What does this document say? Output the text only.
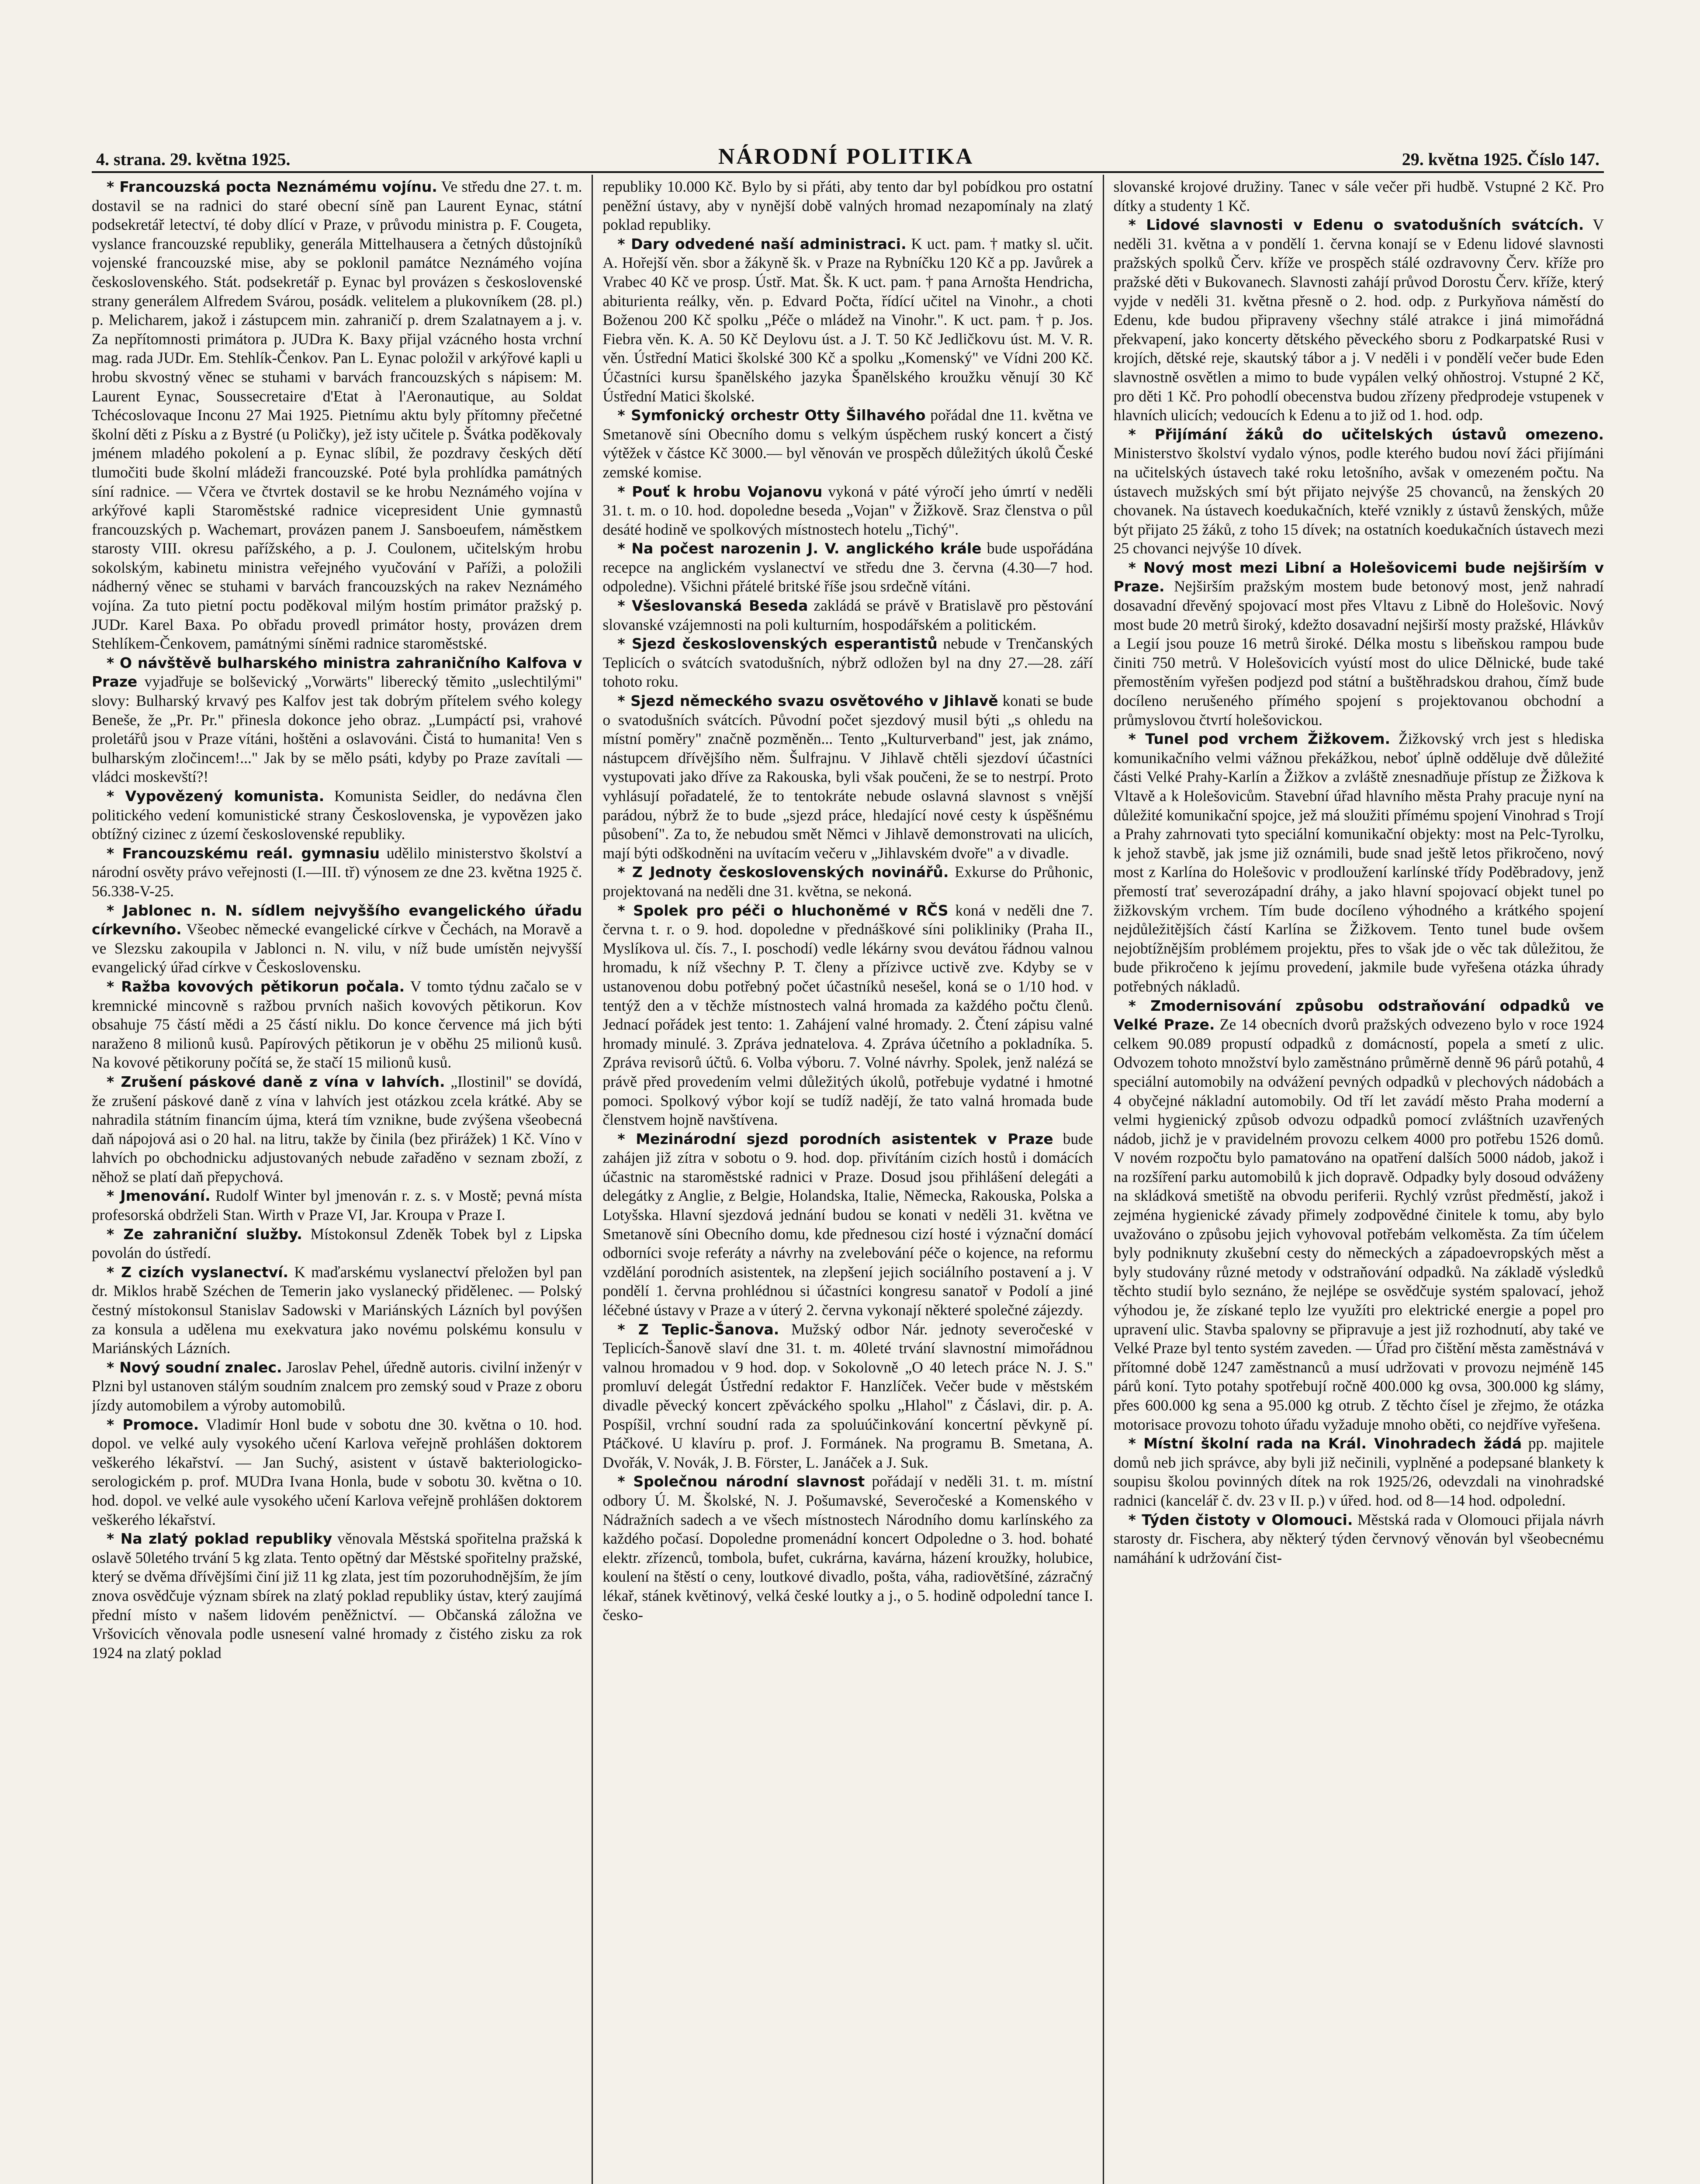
4. strana. 29. května 1925.	NÁRODNÍ POLITIKA	29. května 1925. Číslo 147.

* Francouzská pocta Neznámému vojínu. Ve středu dne 27. t. m. dostavil se na radnici do staré obecní síně pan Laurent Eynac, státní podsekretář letectví, té doby dlící v Praze, v průvodu ministra p. F. Cougeta, vyslance francouzské republiky, generála Mittelhausera a četných důstojníků vojenské francouzské mise, aby se poklonil památce Neznámého vojína československého. Stát. podsekretář p. Eynac byl provázen s československé strany generálem Alfredem Svárou, posádk. velitelem a plukovníkem (28. pl.) p. Melicharem, jakož i zástupcem min. zahraničí p. drem Szalatnayem a j. v. Za nepřítomnosti primátora p. JUDra K. Baxy přijal vzácného hosta vrchní mag. rada JUDr. Em. Stehlík-Čenkov. Pan L. Eynac položil v arkýřové kapli u hrobu skvostný věnec se stuhami v barvách francouzských s nápisem: M. Laurent Eynac, Soussecretaire d'Etat à l'Aeronautique, au Soldat Tchécoslovaque Inconu 27 Mai 1925. Pietnímu aktu byly přítomny přečetné školní děti z Písku a z Bystré (u Poličky), jež isty učitele p. Švátka poděkovaly jménem mladého pokolení a p. Eynac slíbil, že pozdravy českých dětí tlumočiti bude školní mládeži francouzské. Poté byla prohlídka památných síní radnice. — Včera ve čtvrtek dostavil se ke hrobu Neznámého vojína v arkýřové kapli Staroměstské radnice vicepresident Unie gymnastů francouzských p. Wachemart, provázen panem J. Sansboeufem, náměstkem starosty VIII. okresu pařížského, a p. J. Coulonem, učitelským hrobu sokolským, kabinetu ministra veřejného vyučování v Paříži, a položili nádherný věnec se stuhami v barvách francouzských na rakev Neznámého vojína. Za tuto pietní poctu poděkoval milým hostím primátor pražský p. JUDr. Karel Baxa. Po obřadu provedl primátor hosty, provázen drem Stehlíkem-Čenkovem, památnými síněmi radnice staroměstské.

* O návštěvě bulharského ministra zahraničního Kalfova v Praze vyjadřuje se bolševický „Vorwärts" liberecký těmito „uslechtilými" slovy: Bulharský krvavý pes Kalfov jest tak dobrým přítelem svého kolegy Beneše, že „Pr. Pr." přinesla dokonce jeho obraz. „Lumpáctí psi, vrahové proletářů jsou v Praze vítáni, hoštěni a oslavováni. Čistá to humanita! Ven s bulharským zločincem!..." Jak by se mělo psáti, kdyby po Praze zavítali — vládci moskevští?!

* Vypovězený komunista. Komunista Seidler, do nedávna člen politického vedení komunistické strany Československa, je vypovězen jako obtížný cizinec z území československé republiky.

* Francouzskému reál. gymnasiu udělilo ministerstvo školství a národní osvěty právo veřejnosti (I.—III. tř) výnosem ze dne 23. května 1925 č. 56.338-V-25.

* Jablonec n. N. sídlem nejvyššího evangelického úřadu církevního. Všeobec německé evangelické církve v Čechách, na Moravě a ve Slezsku zakoupila v Jablonci n. N. vilu, v níž bude umístěn nejvyšší evangelický úřad církve v Československu.

* Ražba kovových pětikorun počala. V tomto týdnu začalo se v kremnické mincovně s ražbou prvních našich kovových pětikorun. Kov obsahuje 75 částí mědi a 25 částí niklu. Do konce července má jich býti naraženo 8 milionů kusů. Papírových pětikorun je v oběhu 25 milionů kusů. Na kovové pětikoruny počítá se, že stačí 15 milionů kusů.

* Zrušení páskové daně z vína v lahvích. „Ilostinil" se dovídá, že zrušení páskové daně z vína v lahvích jest otázkou zcela krátké. Aby se nahradila státním financím újma, která tím vznikne, bude zvýšena všeobecná daň nápojová asi o 20 hal. na litru, takže by činila (bez přirážek) 1 Kč. Víno v lahvích po obchodnicku adjustovaných nebude zařaděno v seznam zboží, z něhož se platí daň přepychová.

* Jmenování. Rudolf Winter byl jmenován r. z. s. v Mostě; pevná místa profesorská obdrželi Stan. Wirth v Praze VI, Jar. Kroupa v Praze I.

* Ze zahraniční služby. Místokonsul Zdeněk Tobek byl z Lipska povolán do ústředí.

* Z cizích vyslanectví. K maďarskému vyslanectví přeložen byl pan dr. Miklos hrabě Széchen de Temerin jako vyslanecký přidělenec. — Polský čestný místokonsul Stanislav Sadowski v Mariánských Lázních byl povýšen za konsula a udělena mu exekvatura jako novému polskému konsulu v Mariánských Lázních.

* Nový soudní znalec. Jaroslav Pehel, úředně autoris. civilní inženýr v Plzni byl ustanoven stálým soudním znalcem pro zemský soud v Praze z oboru jízdy automobilem a výroby automobilů.

* Promoce. Vladimír Honl bude v sobotu dne 30. května o 10. hod. dopol. ve velké auly vysokého učení Karlova veřejně prohlášen doktorem veškerého lékařství. — Jan Suchý, asistent v ústavě bakteriologicko-serologickém p. prof. MUDra Ivana Honla, bude v sobotu 30. května o 10. hod. dopol. ve velké aule vysokého učení Karlova veřejně prohlášen doktorem veškerého lékařství.

* Na zlatý poklad republiky věnovala Městská spořitelna pražská k oslavě 50letého trvání 5 kg zlata. Tento opětný dar Městské spořitelny pražské, který se dvěma dřívějšími činí již 11 kg zlata, jest tím pozoruhodnějším, že jím znova osvědčuje význam sbírek na zlatý poklad republiky ústav, který zaujímá přední místo v našem lidovém peněžnictví. — Občanská záložna ve Vršovicích věnovala podle usnesení valné hromady z čistého zisku za rok 1924 na zlatý poklad

republiky 10.000 Kč. Bylo by si přáti, aby tento dar byl pobídkou pro ostatní peněžní ústavy, aby v nynější době valných hromad nezapomínaly na zlatý poklad republiky.

* Dary odvedené naší administraci. K uct. pam. † matky sl. učit. A. Hořejší věn. sbor a žákyně šk. v Praze na Rybníčku 120 Kč a pp. Javůrek a Vrabec 40 Kč ve prosp. Ústř. Mat. Šk. K uct. pam. † pana Arnošta Hendricha, abiturienta reálky, věn. p. Edvard Počta, řídící učitel na Vinohr., a choti Boženou 200 Kč spolku „Péče o mládež na Vinohr.". K uct. pam. † p. Jos. Fiebra věn. K. A. 50 Kč Deylovu úst. a J. T. 50 Kč Jedličkovu úst. M. V. R. věn. Ústřední Matici školské 300 Kč a spolku „Komenský" ve Vídni 200 Kč. Účastníci kursu španělského jazyka Španělského kroužku věnují 30 Kč Ústřední Matici školské.

* Symfonický orchestr Otty Šilhavého pořádal dne 11. května ve Smetanově síni Obecního domu s velkým úspěchem ruský koncert a čistý výtěžek v částce Kč 3000.— byl věnován ve prospěch důležitých úkolů České zemské komise.

* Pouť k hrobu Vojanovu vykoná v páté výročí jeho úmrtí v neděli 31. t. m. o 10. hod. dopoledne beseda „Vojan" v Žižkově. Sraz členstva o půl desáté hodině ve spolkových místnostech hotelu „Tichý".

* Na počest narozenin J. V. anglického krále bude uspořádána recepce na anglickém vyslanectví ve středu dne 3. června (4.30—7 hod. odpoledne). Všichni přátelé britské říše jsou srdečně vítáni.

* Všeslovanská Beseda zakládá se právě v Bratislavě pro pěstování slovanské vzájemnosti na poli kulturním, hospodářském a politickém.

* Sjezd československých esperantistů nebude v Trenčanských Teplicích o svátcích svatodušních, nýbrž odložen byl na dny 27.—28. září tohoto roku.

* Sjezd německého svazu osvětového v Jihlavě konati se bude o svatodušních svátcích. Původní počet sjezdový musil býti „s ohledu na místní poměry" značně pozměněn... Tento „Kulturverband" jest, jak známo, nástupcem dřívějšího něm. Šulfrajnu. V Jihlavě chtěli sjezdoví účastníci vystupovati jako dříve za Rakouska, byli však poučeni, že se to nestrpí. Proto vyhlásují pořadatelé, že to tentokráte nebude oslavná slavnost s vnější parádou, nýbrž že to bude „sjezd práce, hledající nové cesty k úspěšnému působení". Za to, že nebudou smět Němci v Jihlavě demonstrovati na ulicích, mají býti odškodněni na uvítacím večeru v „Jihlavském dvoře" a v divadle.

* Z Jednoty československých novinářů. Exkurse do Průhonic, projektovaná na neděli dne 31. května, se nekoná.

* Spolek pro péči o hluchoněmé v RČS koná v neděli dne 7. června t. r. o 9. hod. dopoledne v přednáškové síni polikliniky (Praha II., Myslíkova ul. čís. 7., I. poschodí) vedle lékárny svou devátou řádnou valnou hromadu, k níž všechny P. T. členy a přízivce uctivě zve. Kdyby se v ustanovenou dobu potřebný počet účastníků nesešel, koná se o 1/10 hod. v tentýž den a v těchže místnostech valná hromada za každého počtu členů. Jednací pořádek jest tento: 1. Zahájení valné hromady. 2. Čtení zápisu valné hromady minulé. 3. Zpráva jednatelova. 4. Zpráva účetního a pokladníka. 5. Zpráva revisorů účtů. 6. Volba výboru. 7. Volné návrhy. Spolek, jenž nalézá se právě před provedením velmi důležitých úkolů, potřebuje vydatné i hmotné pomoci. Spolkový výbor kojí se tudíž nadějí, že tato valná hromada bude členstvem hojně navštívena.

* Mezinárodní sjezd porodních asistentek v Praze bude zahájen již zítra v sobotu o 9. hod. dop. přivítáním cizích hostů i domácích účastnic na staroměstské radnici v Praze. Dosud jsou přihlášení delegáti a delegátky z Anglie, z Belgie, Holandska, Italie, Německa, Rakouska, Polska a Lotyšska. Hlavní sjezdová jednání budou se konati v neděli 31. května ve Smetanově síni Obecního domu, kde přednesou cizí hosté i význační domácí odborníci svoje referáty a návrhy na zvelebování péče o kojence, na reformu vzdělání porodních asistentek, na zlepšení jejich sociálního postavení a j. V pondělí 1. června prohlédnou si účastníci kongresu sanatoř v Podolí a jiné léčebné ústavy v Praze a v úterý 2. června vykonají některé společné zájezdy.

* Z Teplic-Šanova. Mužský odbor Nár. jednoty severočeské v Teplicích-Šanově slaví dne 31. t. m. 40leté trvání slavnostní mimořádnou valnou hromadou v 9 hod. dop. v Sokolovně „O 40 letech práce N. J. S." promluví delegát Ústřední redaktor F. Hanzlíček. Večer bude v městském divadle pěvecký koncert zpěváckého spolku „Hlahol" z Čáslavi, dir. p. A. Pospíšil, vrchní soudní rada za spoluúčinkování koncertní pěvkyně pí. Ptáčkové. U klavíru p. prof. J. Formánek. Na programu B. Smetana, A. Dvořák, V. Novák, J. B. Förster, L. Janáček a J. Suk.

* Společnou národní slavnost pořádají v neděli 31. t. m. místní odbory Ú. M. Školské, N. J. Pošumavské, Severočeské a Komenského v Nádražních sadech a ve všech místnostech Národního domu karlínského za každého počasí. Dopoledne promenádní koncert Odpoledne o 3. hod. bohaté elektr. zřízenců, tombola, bufet, cukrárna, kavárna, házení kroužky, holubice, koulení na štěstí o ceny, loutkové divadlo, pošta, váha, radiovětšíné, zázračný lékař, stánek květinový, velká české loutky a j., o 5. hodině odpolední tance I. česko-

slovanské krojové družiny. Tanec v sále večer při hudbě. Vstupné 2 Kč. Pro dítky a studenty 1 Kč.

* Lidové slavnosti v Edenu o svatodušních svátcích. V neděli 31. května a v pondělí 1. června konají se v Edenu lidové slavnosti pražských spolků Červ. kříže ve prospěch stálé ozdravovny Červ. kříže pro pražské děti v Bukovanech. Slavnosti zahájí průvod Dorostu Červ. kříže, který vyjde v neděli 31. května přesně o 2. hod. odp. z Purkyňova náměstí do Edenu, kde budou připraveny všechny stálé atrakce i jiná mimořádná překvapení, jako koncerty dětského pěveckého sboru z Podkarpatské Rusi v krojích, dětské reje, skautský tábor a j. V neděli i v pondělí večer bude Eden slavnostně osvětlen a mimo to bude vypálen velký ohňostroj. Vstupné 2 Kč, pro děti 1 Kč. Pro pohodlí obecenstva budou zřízeny předprodeje vstupenek v hlavních ulicích; vedoucích k Edenu a to již od 1. hod. odp.

* Přijímání žáků do učitelských ústavů omezeno. Ministerstvo školství vydalo výnos, podle kterého budou noví žáci přijímáni na učitelských ústavech také roku letošního, avšak v omezeném počtu. Na ústavech mužských smí být přijato nejvýše 25 chovanců, na ženských 20 chovanek. Na ústavech koedukačních, kteřé vznikly z ústavů ženských, může být přijato 25 žáků, z toho 15 dívek; na ostatních koedukačních ústavech mezi 25 chovanci nejvýše 10 dívek.

* Nový most mezi Libní a Holešovicemi bude nejširším v Praze. Nejširším pražským mostem bude betonový most, jenž nahradí dosavadní dřevěný spojovací most přes Vltavu z Libně do Holešovic. Nový most bude 20 metrů široký, kdežto dosavadní nejširší mosty pražské, Hlávkův a Legií jsou pouze 16 metrů široké. Délka mostu s libeňskou rampou bude činiti 750 metrů. V Holešovicích vyústí most do ulice Dělnické, bude také přemostěním vyřešen podjezd pod státní a buštěhradskou drahou, čímž bude docíleno nerušeného přímého spojení s projektovanou obchodní a průmyslovou čtvrtí holešovickou.

* Tunel pod vrchem Žižkovem. Žižkovský vrch jest s hlediska komunikačního velmi vážnou překážkou, neboť úplně odděluje dvě důležité části Velké Prahy-Karlín a Žižkov a zvláště znesnadňuje přístup ze Žižkova k Vltavě a k Holešovicům. Stavební úřad hlavního města Prahy pracuje nyní na důležité komunikační spojce, jež má sloužiti přímému spojení Vinohrad s Trojí a Prahy zahrnovati tyto speciální komunikační objekty: most na Pelc-Tyrolku, k jehož stavbě, jak jsme již oznámili, bude snad ještě letos přikročeno, nový most z Karlína do Holešovic v prodloužení karlínské třídy Poděbradovy, jenž přemostí trať severozápadní dráhy, a jako hlavní spojovací objekt tunel po žižkovským vrchem. Tím bude docíleno výhodného a krátkého spojení nejdůležitějších částí Karlína se Žižkovem. Tento tunel bude ovšem nejobtížnějším problémem projektu, přes to však jde o věc tak důležitou, že bude přikročeno k jejímu provedení, jakmile bude vyřešena otázka úhrady potřebných nákladů.

* Zmodernisování způsobu odstraňování odpadků ve Velké Praze. Ze 14 obecních dvorů pražských odvezeno bylo v roce 1924 celkem 90.089 propustí odpadků z domácností, popela a smetí z ulic. Odvozem tohoto množství bylo zaměstnáno průměrně denně 96 párů potahů, 4 speciální automobily na odvážení pevných odpadků v plechových nádobách a 4 obyčejné nákladní automobily. Od tří let zavádí město Praha moderní a velmi hygienický způsob odvozu odpadků pomocí zvláštních uzavřených nádob, jichž je v pravidelném provozu celkem 4000 pro potřebu 1526 domů. V novém rozpočtu bylo pamatováno na opatření dalších 5000 nádob, jakož i na rozšíření parku automobilů k jich dopravě. Odpadky byly dosoud odváženy na skládková smetiště na obvodu periferii. Rychlý vzrůst předměstí, jakož i zejména hygienické závady přimely zodpovědné činitele k tomu, aby bylo uvažováno o způsobu jejich vyhovoval potřebám velkoměsta. Za tím účelem byly podniknuty zkušební cesty do německých a západoevropských měst a byly studovány různé metody v odstraňování odpadků. Na základě výsledků těchto studií bylo seznáno, že nejlépe se osvědčuje systém spalovací, jehož výhodou je, že získané teplo lze využíti pro elektrické energie a popel pro upravení ulic. Stavba spalovny se připravuje a jest již rozhodnutí, aby také ve Velké Praze byl tento systém zaveden. — Úřad pro čištění města zaměstnává v přítomné době 1247 zaměstnanců a musí udržovati v provozu nejméně 145 párů koní. Tyto potahy spotřebují ročně 400.000 kg ovsa, 300.000 kg slámy, přes 600.000 kg sena a 95.000 kg otrub. Z těchto čísel je zřejmo, že otázka motorisace provozu tohoto úřadu vyžaduje mnoho oběti, co nejdříve vyřešena.

* Místní školní rada na Král. Vinohradech žádá pp. majitele domů neb jich správce, aby byli již nečinili, vyplněné a podepsané blankety k soupisu školou povinných dítek na rok 1925/26, odevzdali na vinohradské radnici (kancelář č. dv. 23 v II. p.) v úřed. hod. od 8—14 hod. odpolední.

* Týden čistoty v Olomouci. Městská rada v Olomouci přijala návrh starosty dr. Fischera, aby některý týden červnový věnován byl všeobecnému namáhání k udržování čist-
